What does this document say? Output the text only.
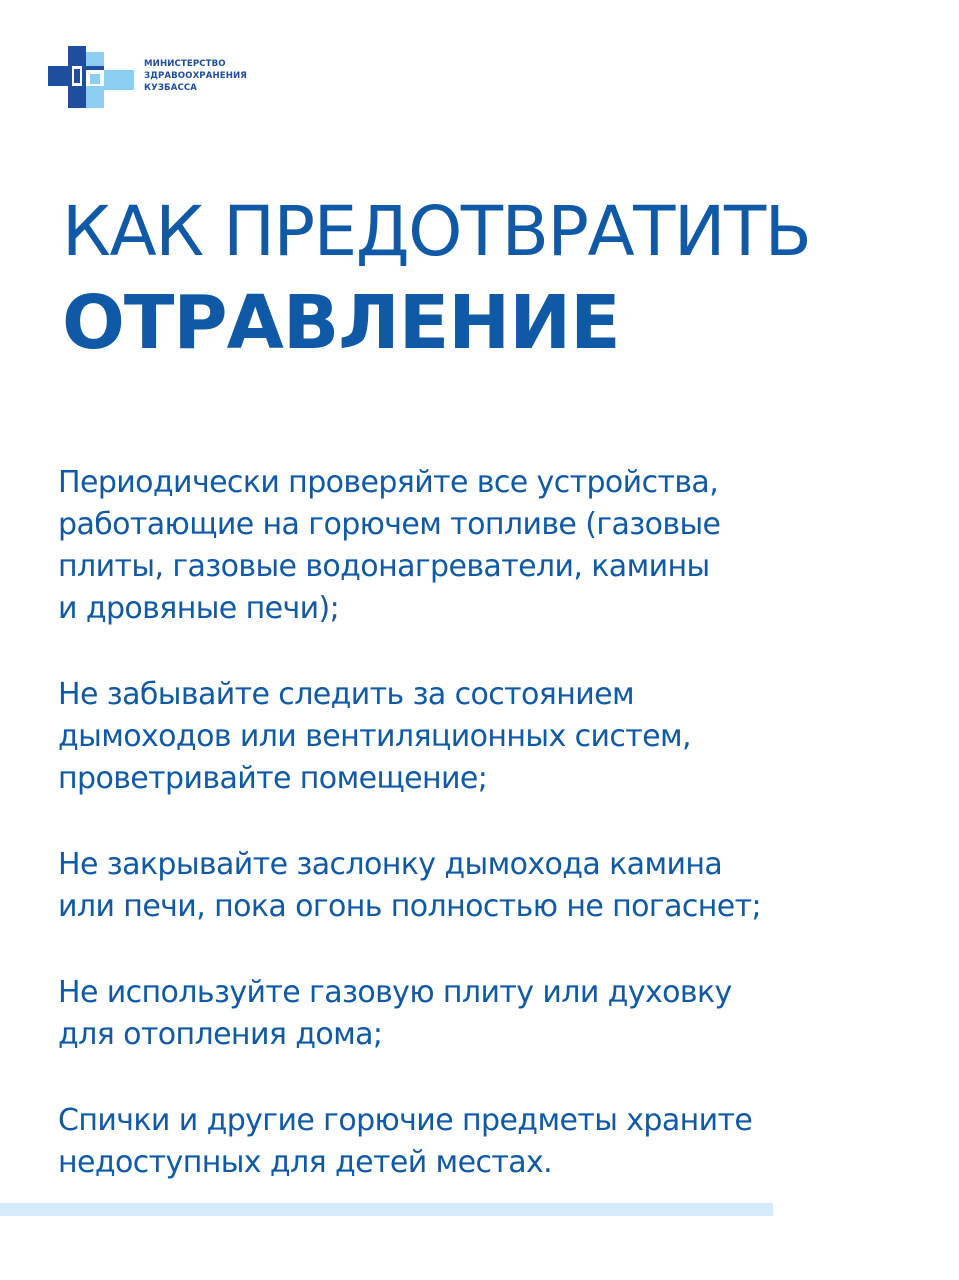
МИНИСТЕРСТВО
ЗДРАВООХРАНЕНИЯ
КУЗБАССА
КАК ПРЕДОТВРАТИТЬ
ОТРАВЛЕНИЕ
Периодически проверяйте все устройства,
работающие на горючем топливе (газовые
плиты, газовые водонагреватели, камины
и дровяные печи);
Не забывайте следить за состоянием
дымоходов или вентиляционных систем,
проветривайте помещение;
Не закрывайте заслонку дымохода камина
или печи, пока огонь полностью не погаснет;
Не используйте газовую плиту или духовку
для отопления дома;
Спички и другие горючие предметы храните
недоступных для детей местах.
